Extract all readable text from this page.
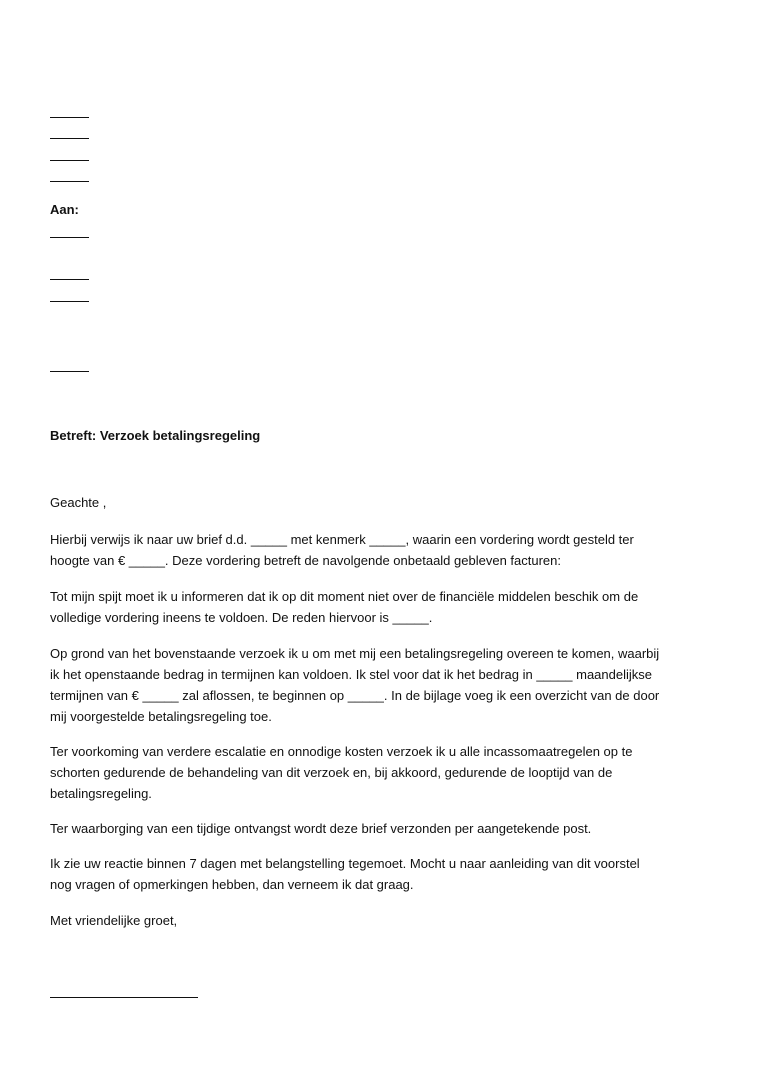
Aan:
Betreft: Verzoek betalingsregeling
Geachte ,
Hierbij verwijs ik naar uw brief d.d. _____ met kenmerk _____, waarin een vordering wordt gesteld ter
hoogte van € _____. Deze vordering betreft de navolgende onbetaald gebleven facturen:
Tot mijn spijt moet ik u informeren dat ik op dit moment niet over de financiële middelen beschik om de
volledige vordering ineens te voldoen. De reden hiervoor is _____.
Op grond van het bovenstaande verzoek ik u om met mij een betalingsregeling overeen te komen, waarbij
ik het openstaande bedrag in termijnen kan voldoen. Ik stel voor dat ik het bedrag in _____ maandelijkse
termijnen van € _____ zal aflossen, te beginnen op _____. In de bijlage voeg ik een overzicht van de door
mij voorgestelde betalingsregeling toe.
Ter voorkoming van verdere escalatie en onnodige kosten verzoek ik u alle incassomaatregelen op te
schorten gedurende de behandeling van dit verzoek en, bij akkoord, gedurende de looptijd van de
betalingsregeling.
Ter waarborging van een tijdige ontvangst wordt deze brief verzonden per aangetekende post.
Ik zie uw reactie binnen 7 dagen met belangstelling tegemoet. Mocht u naar aanleiding van dit voorstel
nog vragen of opmerkingen hebben, dan verneem ik dat graag.
Met vriendelijke groet,
